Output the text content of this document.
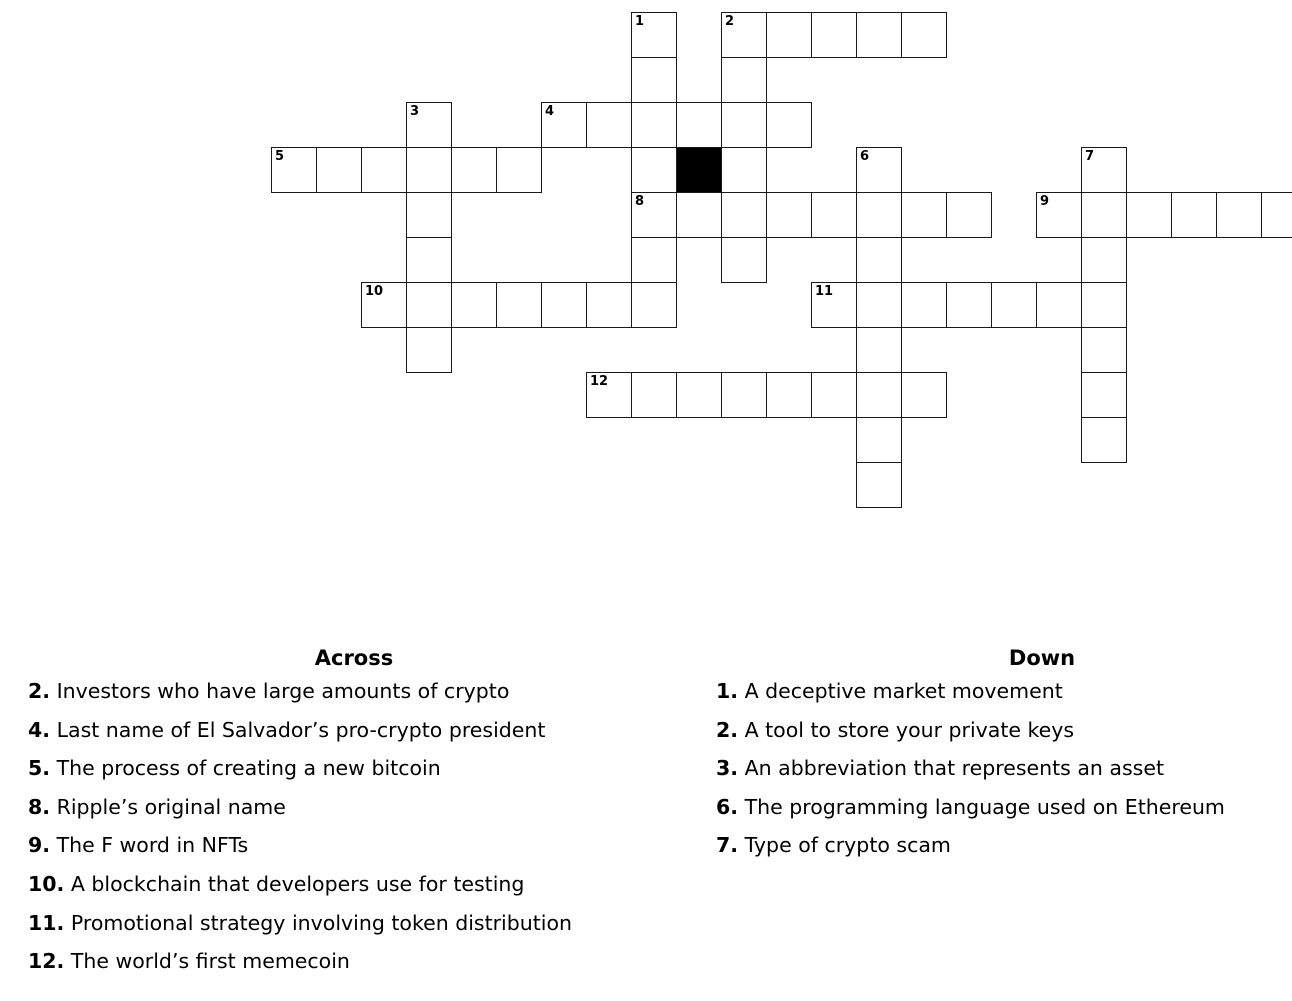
1	2
3	4
5	6	7
8	9
10	11
12
Across
2. Investors who have large amounts of crypto
4. Last name of El Salvador’s pro-crypto president
5. The process of creating a new bitcoin
8. Ripple’s original name
9. The F word in NFTs
10. A blockchain that developers use for testing
11. Promotional strategy involving token distribution
12. The world’s first memecoin
Down
1. A deceptive market movement
2. A tool to store your private keys
3. An abbreviation that represents an asset
6. The programming language used on Ethereum
7. Type of crypto scam
